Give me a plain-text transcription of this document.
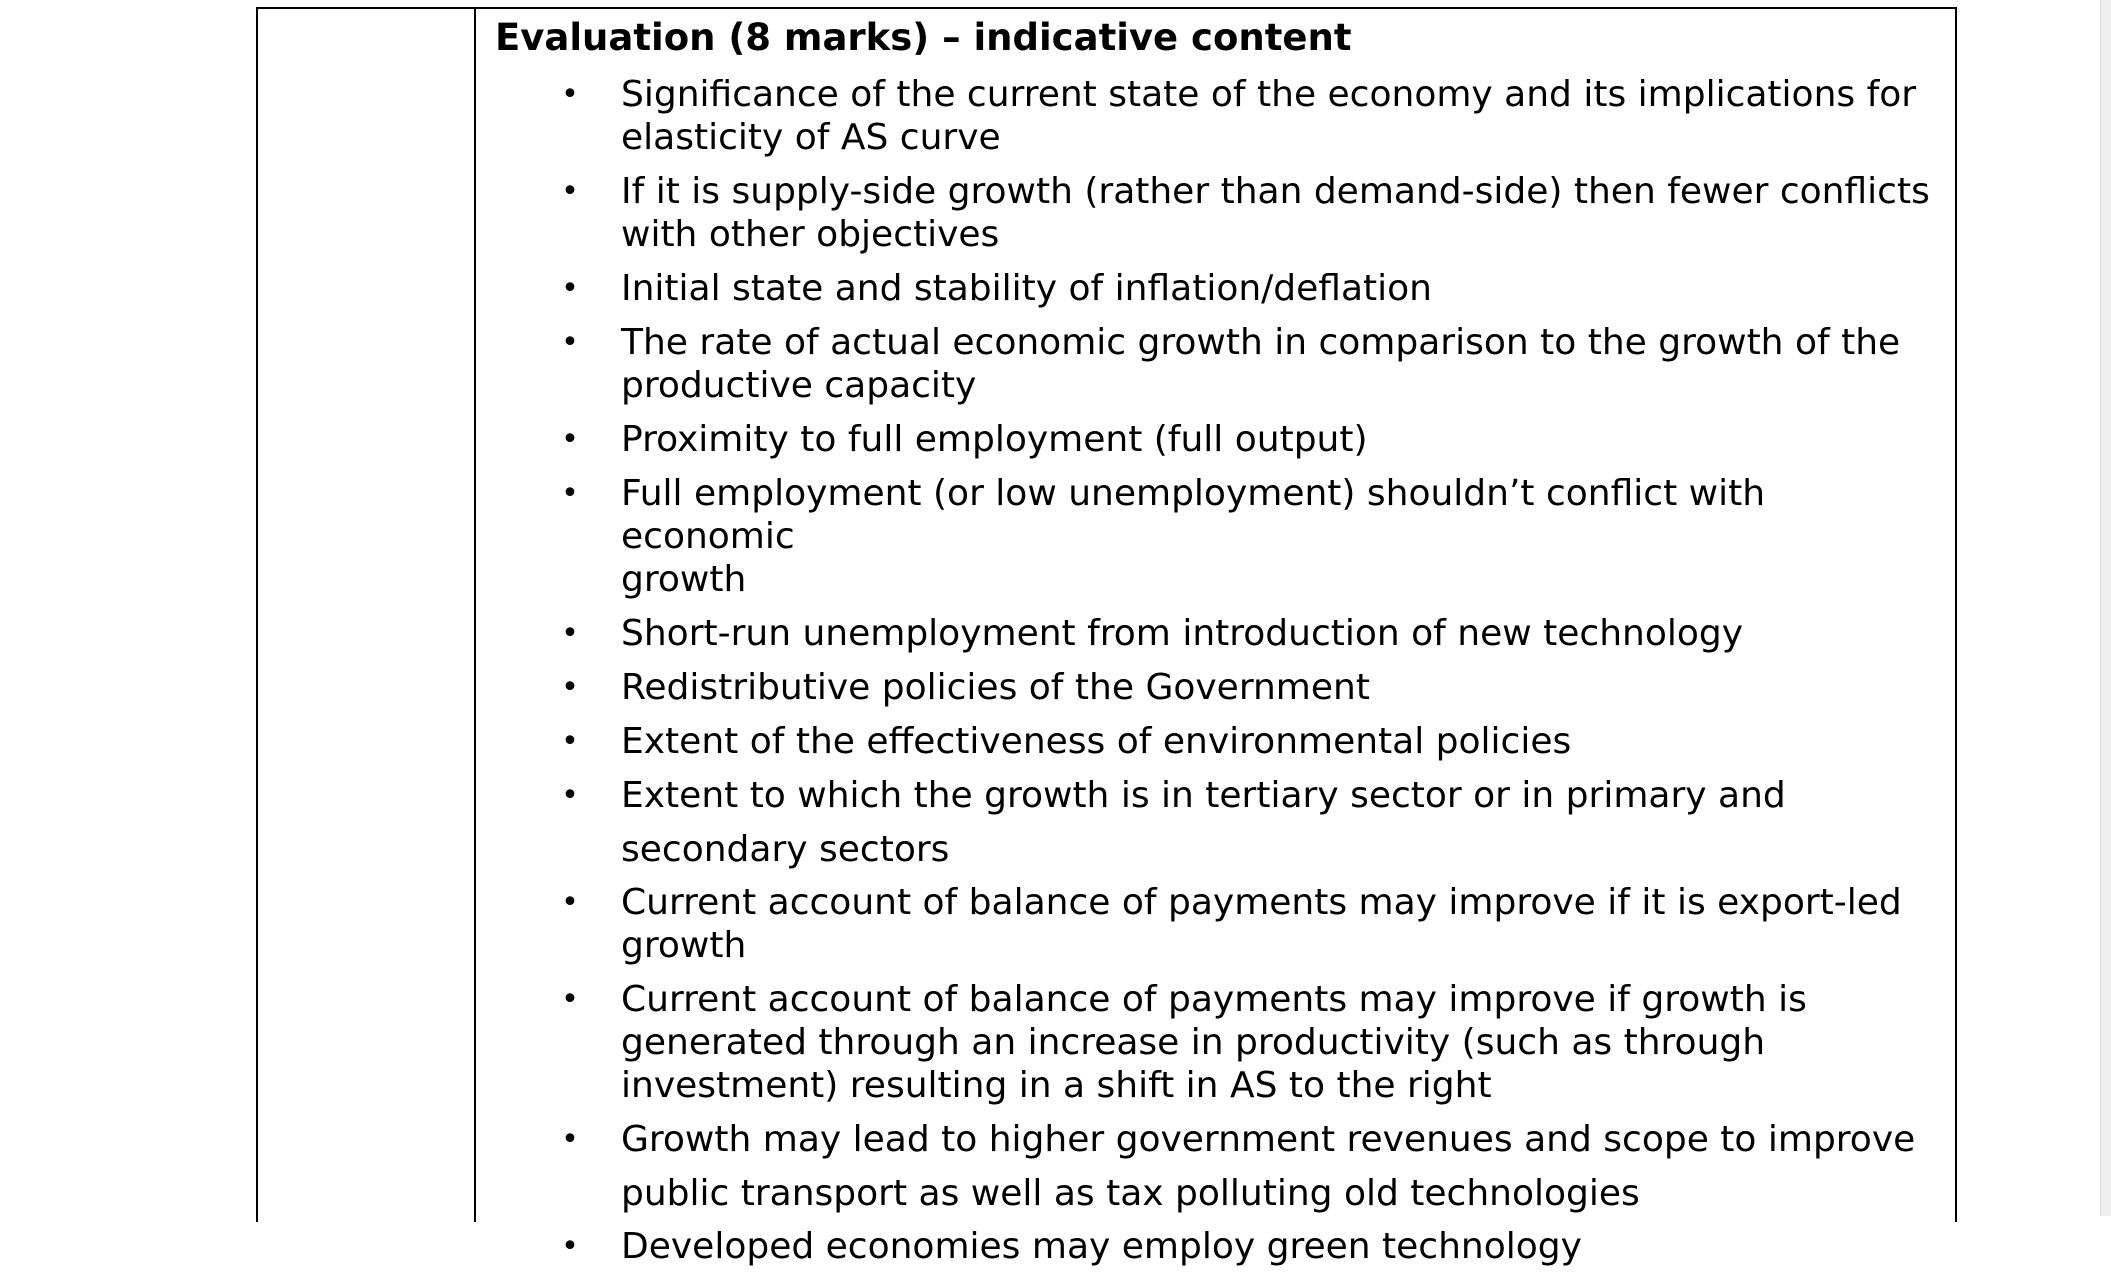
Evaluation (8 marks) – indicative content
• Significance of the current state of the economy and its implications for
elasticity of AS curve
• If it is supply-side growth (rather than demand-side) then fewer conflicts
with other objectives
• Initial state and stability of inflation/deflation
• The rate of actual economic growth in comparison to the growth of the
productive capacity
• Proximity to full employment (full output)
• Full employment (or low unemployment) shouldn’t conflict with economic
growth
• Short-run unemployment from introduction of new technology
• Redistributive policies of the Government
• Extent of the effectiveness of environmental policies
• Extent to which the growth is in tertiary sector or in primary and
secondary sectors
• Current account of balance of payments may improve if it is export-led
growth
• Current account of balance of payments may improve if growth is
generated through an increase in productivity (such as through
investment) resulting in a shift in AS to the right
• Growth may lead to higher government revenues and scope to improve
public transport as well as tax polluting old technologies
• Developed economies may employ green technology
